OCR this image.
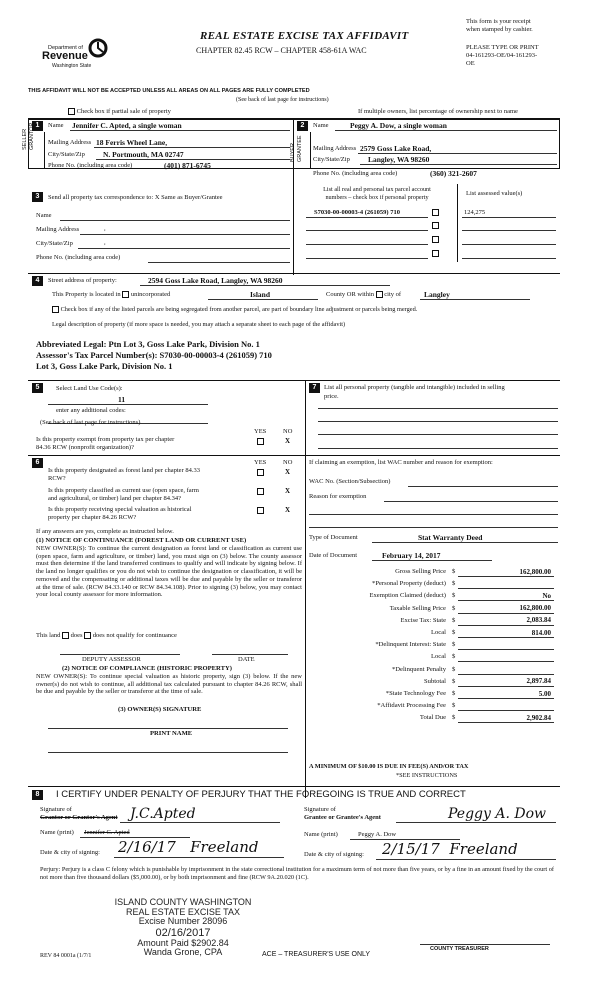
Department of
Revenue
Washington State
REAL ESTATE EXCISE TAX AFFIDAVIT
CHAPTER 82.45 RCW – CHAPTER 458-61A WAC
This form is your receipt
when stamped by cashier.
PLEASE TYPE OR PRINT
04-161293-OE/04-161293-
OE
THIS AFFIDAVIT WILL NOT BE ACCEPTED UNLESS ALL AREAS ON ALL PAGES ARE FULLY COMPLETED
(See back of last page for instructions)
Check box if partial sale of property	If multiple owners, list percentage of ownership next to name
1	Name Jennifer C. Apted, a single woman
SELLER GRANTOR Mailing Address 18 Ferris Wheel Lane,
City/State/Zip N. Portmouth, MA 02747
Phone No. (including area code)	(401) 871-6745
2	Name	Peggy A. Dow, a single woman
BUYER GRANTEE Mailing Address 2579 Goss Lake Road,
City/State/Zip Langley, WA 98260
Phone No. (including area code)	(360) 321-2607
3	Send all property tax correspondence to: X Same as Buyer/Grantee
Name
Mailing Address	,
City/State/Zip	,
Phone No. (including area code)
List all real and personal tax parcel account
numbers – check box if personal property
List assessed value(s)
S7030-00-00003-4 (261059) 710	124,275
4	Street address of property:	2594 Goss Lake Road, Langley, WA 98260
This Property is located in unincorporated	Island	County OR within city of	Langley
Check box if any of the listed parcels are being segregated from another parcel, are part of boundary line adjustment or parcels being merged.
Legal description of property (if more space is needed, you may attach a separate sheet to each page of the affidavit)
Abbreviated Legal: Ptn Lot 3, Goss Lake Park, Division No. 1
Assessor's Tax Parcel Number(s): S7030-00-00003-4 (261059) 710
Lot 3, Goss Lake Park, Division No. 1
5	Select Land Use Code(s):
11
enter any additional codes:
(See back of last page for instructions)
YES	NO
Is this property exempt from property tax per chapter
84.36 RCW (nonprofit organization)?
X
6	YES	NO
Is this property designated as forest land per chapter 84.33
RCW?
X
Is this property classified as current use (open space, farm
and agricultural, or timber) land per chapter 84.34?
X
Is this property receiving special valuation as historical
property per chapter 84.26 RCW?
X
If any answers are yes, complete as instructed below.
(1) NOTICE OF CONTINUANCE (FOREST LAND OR CURRENT USE)
NEW OWNER(S): To continue the current designation as forest land or classification as current use (open space, farm and agriculture, or timber) land, you must sign on (3) below. The county assessor must then determine if the land transferred continues to qualify and will indicate by signing below. If the land no longer qualifies or you do not wish to continue the designation or classification, it will be removed and the compensating or additional taxes will be due and payable by the seller or transferor at the time of sale. (RCW 84.33.140 or RCW 84.34.108). Prior to signing (3) below, you may contact your local county assessor for more information.
This land does does not qualify for continuance
DEPUTY ASSESSOR	DATE
(2) NOTICE OF COMPLIANCE (HISTORIC PROPERTY)
NEW OWNER(S): To continue special valuation as historic property, sign (3) below. If the new owner(s) do not wish to continue, all additional tax calculated pursuant to chapter 84.26 RCW, shall be due and payable by the seller or transferor at the time of sale.
(3) OWNER(S) SIGNATURE
PRINT NAME
7	List all personal property (tangible and intangible) included in selling
price.
If claiming an exemption, list WAC number and reason for exemption:
WAC No. (Section/Subsection)
Reason for exemption
Type of Document	Stat Warranty Deed
Date of Document	February 14, 2017
Gross Selling Price $	162,800.00
*Personal Property (deduct) $
Exemption Claimed (deduct) $	No
Taxable Selling Price $	162,800.00
Excise Tax: State $	2,083.84
Local $	814.00
*Delinquent Interest: State $
Local $
*Delinquent Penalty $
Subtotal $	2,897.84
*State Technology Fee $	5.00
*Affidavit Processing Fee $
Total Due $	2,902.84
A MINIMUM OF $10.00 IS DUE IN FEE(S) AND/OR TAX
*SEE INSTRUCTIONS
8	I CERTIFY UNDER PENALTY OF PERJURY THAT THE FOREGOING IS TRUE AND CORRECT
Signature of
Grantor or Grantor's Agent J.C.Apted
Name (print) Jennifer C. Apted
Date & city of signing: 2/16/17   Freeland
Signature of
Grantee or Grantee's Agent	Peggy A. Dow
Name (print)	Peggy A. Dow
Date & city of signing: 2/15/17  Freeland
Perjury: Perjury is a class C felony which is punishable by imprisonment in the state correctional institution for a maximum term of not more than five years, or by a fine in an amount fixed by the court of not more than five thousand dollars ($5,000.00), or by both imprisonment and fine (RCW 9A.20.020 (1C).
ISLAND COUNTY WASHINGTON
REAL ESTATE EXCISE TAX
Excise Number 28096
02/16/2017
Amount Paid $2902.84
Wanda Grone, CPA
REV 84 0001a (1/7/1	ACE – TREASURER'S USE ONLY
COUNTY TREASURER
